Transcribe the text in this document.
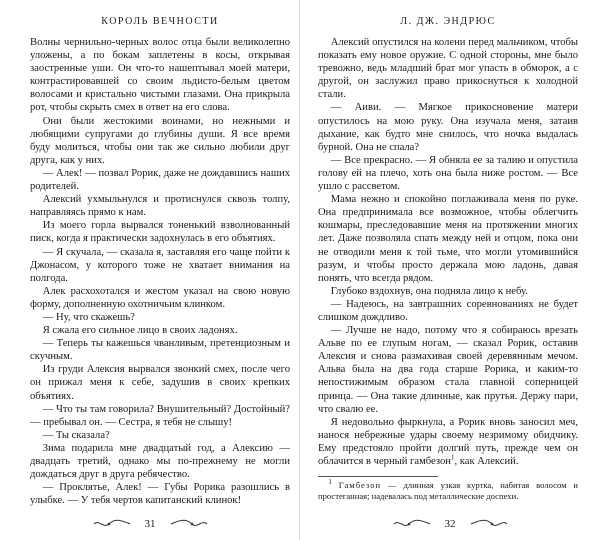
КОРОЛЬ ВЕЧНОСТИ

Волны чернильно-черных волос отца были великолепно уложены, а по бокам заплетены в косы, открывая заостренные уши. Он что-то нашептывал моей матери, контрастировавшей со своим льдисто-белым цветом волосами и кристально чистыми глазами. Она прикрыла рот, чтобы скрыть смех в ответ на его слова.

Они были жестокими воинами, но нежными и любящими супругами до глубины души. Я все время буду молиться, чтобы они так же сильно любили друг друга, как у них.

— Алек! — позвал Рорик, даже не дождавшись наших родителей.

Алексий ухмыльнулся и протиснулся сквозь толпу, направляясь прямо к нам.

Из моего горла вырвался тоненький взволнованный писк, когда я практически задохнулась в его объятиях.

— Я скучала, — сказала я, заставляя его чаще пойти к Джонасом, у которого тоже не хватает внимания на полгода.

Алек расхохотался и жестом указал на свою новую форму, дополненную охотничьим клинком.

— Ну, что скажешь?

Я сжала его сильное лицо в своих ладонях.

— Теперь ты кажешься чванливым, претенциозным и скучным.

Из груди Алексия вырвался звонкий смех, после чего он прижал меня к себе, задушив в своих крепких объятиях.

— Что ты там говорила? Внушительный? Достойный? — пребывал он. — Сестра, я тебя не слышу!

— Ты сказала?

Зима подарила мне двадцатый год, а Алексию — двадцать третий, однако мы по-прежнему не могли дождаться друг в друга ребячество.

— Проклятье, Алек! — Губы Рорика разошлись в улыбке. — У тебя чертов капитанский клинок!

31
Л. ДЖ. ЭНДРЮС

Алексий опустился на колени перед мальчиком, чтобы показать ему новое оружие. С одной стороны, мне было тревожно, ведь младший брат мог упасть в обморок, а с другой, он заслужил право прикоснуться к холодной стали.

— Аиви. — Мягкое прикосновение матери опустилось на мою руку. Она изучала меня, затаив дыхание, как будто мне снилось, что ночка выдалась бурной. Она не спала?

— Все прекрасно. — Я обняла ее за талию и опустила голову ей на плечо, хоть она была ниже ростом. — Все ушло с рассветом.

Мама нежно и спокойно поглаживала меня по руке. Она предпринимала все возможное, чтобы облегчить кошмары, преследовавшие меня на протяжении многих лет. Даже позволяла спать между ней и отцом, пока они не отводили меня к той тьме, что могли утомившийся разум, и чтобы просто держала мою ладонь, давая понять, что всегда рядом.

Глубоко вздохнув, она подняла лицо к небу.

— Надеюсь, на завтрашних соревнованиях не будет слишком дождливо.

— Лучше не надо, потому что я собираюсь врезать Альве по ее глупым ногам, — сказал Рорик, оставив Алексия и снова размахивая своей деревянным мечом. Альва была на два года старше Рорика, и каким-то непостижимым образом стала главной соперницей принца. — Она такие длинные, как прутья. Держу пари, что свалю ее.

Я недовольно фыркнула, а Рорик вновь заносил меч, нанося небрежные удары своему незримому обидчику. Ему предстояло пройти долгий путь, прежде чем он облачится в черный гамбезон$^1$, как Алексий.

$^1$ Гамбезон — длинная узкая куртка, набитая волосом и простеганная; надевалась под металлические доспехи.

32
